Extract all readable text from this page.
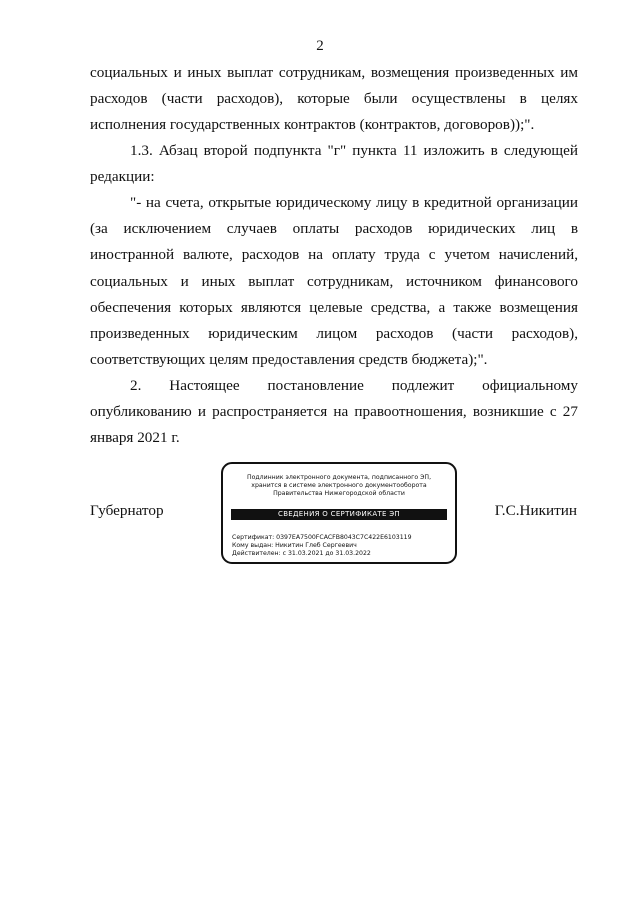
2

социальных и иных выплат сотрудникам, возмещения произведенных им расходов (части расходов), которые были осуществлены в целях исполнения государственных контрактов (контрактов, договоров));".

1.3. Абзац второй подпункта "г" пункта 11 изложить в следующей редакции:

"- на счета, открытые юридическому лицу в кредитной организации (за исключением случаев оплаты расходов юридических лиц в иностранной валюте, расходов на оплату труда с учетом начислений, социальных и иных выплат сотрудникам, источником финансового обеспечения которых являются целевые средства, а также возмещения произведенных юридическим лицом расходов (части расходов), соответствующих целям предоставления средств бюджета);".

2. Настоящее постановление подлежит официальному опубликованию и распространяется на правоотношения, возникшие с 27 января 2021 г.

Губернатор
Подлинник электронного документа, подписанного ЭП,
хранится в системе электронного документооборота
Правительства Нижегородской области
СВЕДЕНИЯ О СЕРТИФИКАТЕ ЭП
Сертификат: 0397EA7500FCACFB8043C7C422E6103119
Кому выдан: Никитин Глеб Сергеевич
Действителен: с 31.03.2021 до 31.03.2022
Г.С.Никитин
